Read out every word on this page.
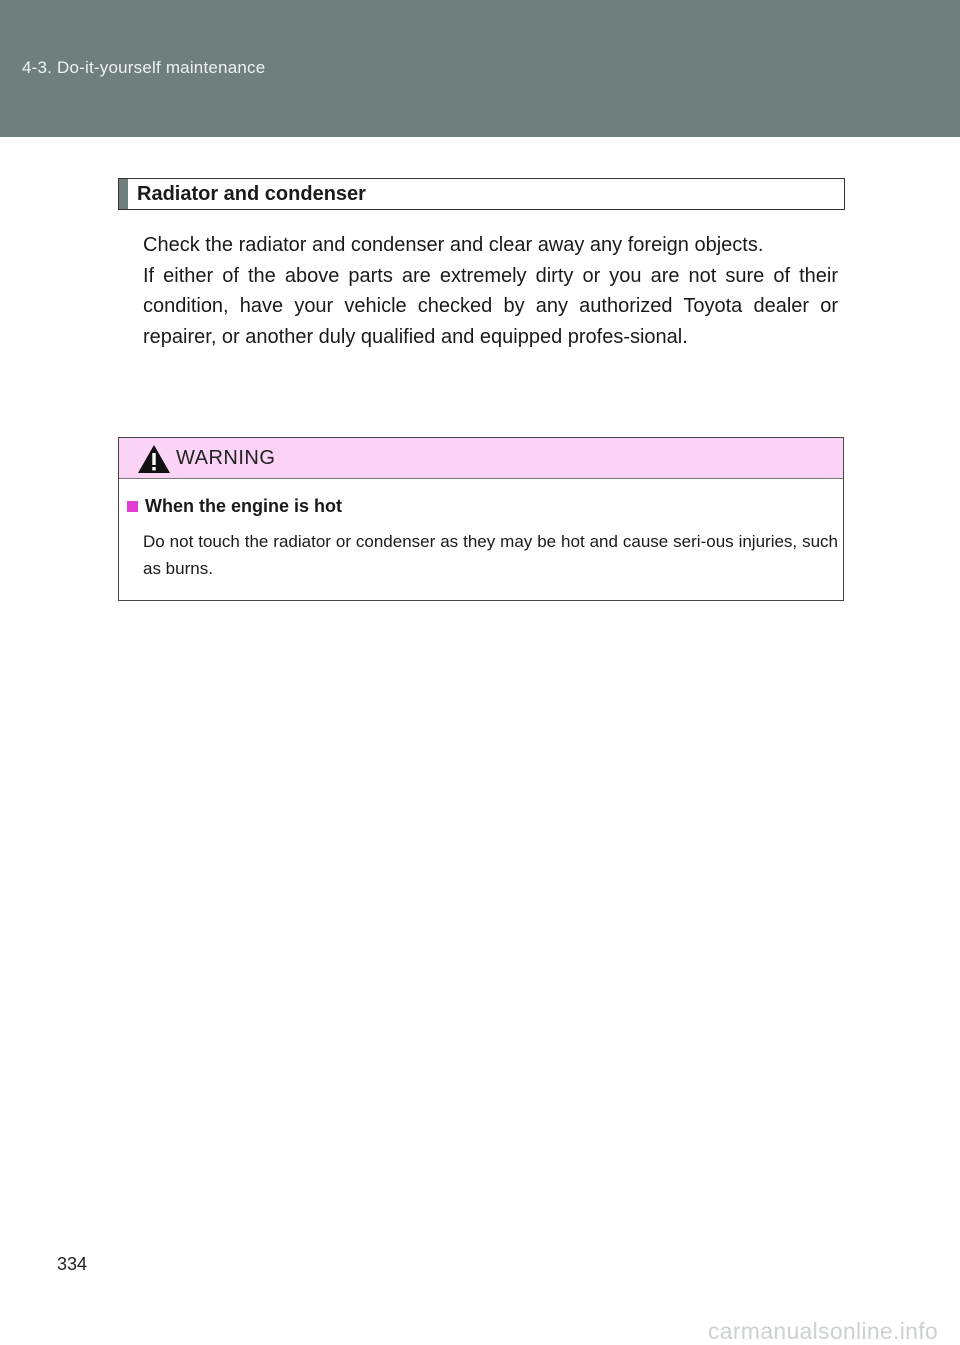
4-3. Do-it-yourself maintenance
Radiator and condenser

Check the radiator and condenser and clear away any foreign objects.

If either of the above parts are extremely dirty or you are not sure of their condition, have your vehicle checked by any authorized Toyota dealer or repairer, or another duly qualified and equipped profes-sional.

WARNING
When the engine is hot

Do not touch the radiator or condenser as they may be hot and cause seri-ous injuries, such as burns.

334
carmanualsonline.info
